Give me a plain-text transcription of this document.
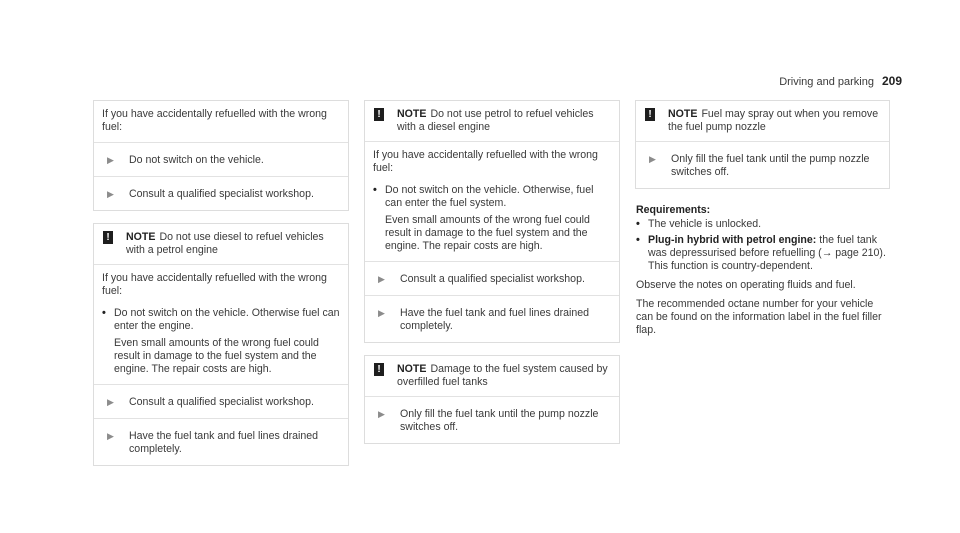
Driving and parking 209

If you have accidentally refuelled with the wrong fuel:

▶	Do not switch on the vehicle.
▶	Consult a qualified specialist workshop.
!	NOTE Do not use diesel to refuel vehicles with a petrol engine

If you have accidentally refuelled with the wrong fuel:

• Do not switch on the vehicle. Otherwise fuel can enter the engine.
Even small amounts of the wrong fuel could result in damage to the fuel system and the engine. The repair costs are high.
▶	Consult a qualified specialist workshop.
▶	Have the fuel tank and fuel lines drained completely.
!	NOTE Do not use petrol to refuel vehicles with a diesel engine

If you have accidentally refuelled with the wrong fuel:

• Do not switch on the vehicle. Otherwise, fuel can enter the fuel system.
Even small amounts of the wrong fuel could result in damage to the fuel system and the engine. The repair costs are high.
▶	Consult a qualified specialist workshop.
▶	Have the fuel tank and fuel lines drained completely.
!	NOTE Damage to the fuel system caused by overfilled fuel tanks
▶	Only fill the fuel tank until the pump nozzle switches off.
!	NOTE Fuel may spray out when you remove the fuel pump nozzle
▶	Only fill the fuel tank until the pump nozzle switches off.
Requirements:
• The vehicle is unlocked.
• Plug-in hybrid with petrol engine: the fuel tank was depressurised before refuelling (→ page 210). This function is country-dependent.

Observe the notes on operating fluids and fuel.

The recommended octane number for your vehicle can be found on the information label in the fuel filler flap.
